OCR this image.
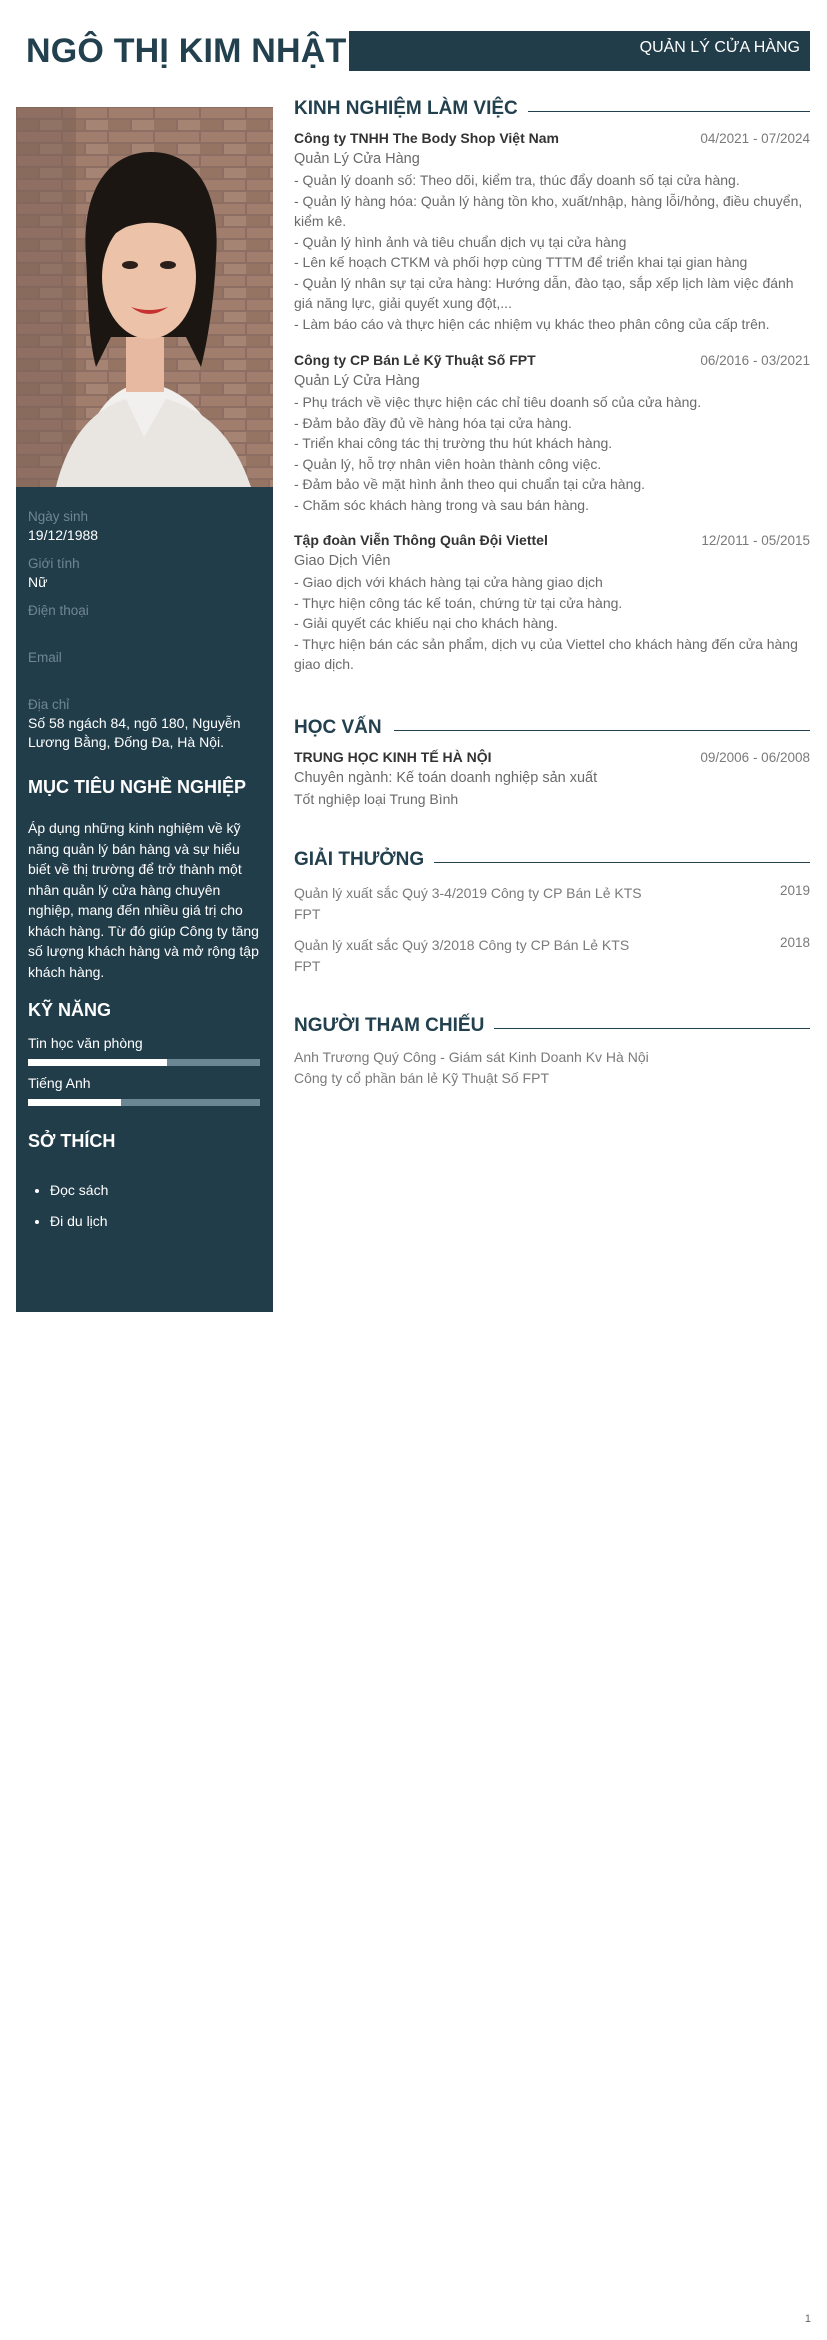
NGÔ THỊ KIM NHẬT	QUẢN LÝ CỬA HÀNG
Ngày sinh
19/12/1988
Giới tính
Nữ
Điện thoại
Email
Địa chỉ
Số 58 ngách 84, ngõ 180, Nguyễn Lương Bằng, Đống Đa, Hà Nội.
MỤC TIÊU NGHỀ NGHIỆP
Áp dụng những kinh nghiệm về kỹ năng quản lý bán hàng và sự hiểu biết về thị trường để trở thành một nhân quản lý cửa hàng chuyên nghiệp, mang đến nhiều giá trị cho khách hàng. Từ đó giúp Công ty tăng số lượng khách hàng và mở rộng tập khách hàng.
KỸ NĂNG
Tin học văn phòng
Tiếng Anh
SỞ THÍCH
• Đọc sách
• Đi du lịch
KINH NGHIỆM LÀM VIỆC
Công ty TNHH The Body Shop Việt Nam	04/2021 - 07/2024
Quản Lý Cửa Hàng
- Quản lý doanh số: Theo dõi, kiểm tra, thúc đẩy doanh số tại cửa hàng.
- Quản lý hàng hóa: Quản lý hàng tồn kho, xuất/nhập, hàng lỗi/hỏng, điều chuyển, kiểm kê.
- Quản lý hình ảnh và tiêu chuẩn dịch vụ tại cửa hàng
- Lên kế hoạch CTKM và phối hợp cùng TTTM để triển khai tại gian hàng
- Quản lý nhân sự tại cửa hàng: Hướng dẫn, đào tạo, sắp xếp lịch làm việc đánh giá năng lực, giải quyết xung đột,...
- Làm báo cáo và thực hiện các nhiệm vụ khác theo phân công của cấp trên.
Công ty CP Bán Lẻ Kỹ Thuật Số FPT	06/2016 - 03/2021
Quản Lý Cửa Hàng
- Phụ trách về việc thực hiện các chỉ tiêu doanh số của cửa hàng.
- Đảm bảo đầy đủ về hàng hóa tại cửa hàng.
- Triển khai công tác thị trường thu hút khách hàng.
- Quản lý, hỗ trợ nhân viên hoàn thành công việc.
- Đảm bảo về mặt hình ảnh theo qui chuẩn tại cửa hàng.
- Chăm sóc khách hàng trong và sau bán hàng.
Tập đoàn Viễn Thông Quân Đội Viettel	12/2011 - 05/2015
Giao Dịch Viên
- Giao dịch với khách hàng tại cửa hàng giao dịch
- Thực hiện công tác kế toán, chứng từ tại cửa hàng.
- Giải quyết các khiếu nại cho khách hàng.
- Thực hiện bán các sản phẩm, dịch vụ của Viettel cho khách hàng đến cửa hàng giao dịch.
HỌC VẤN
TRUNG HỌC KINH TẾ HÀ NỘI	09/2006 - 06/2008
Chuyên ngành: Kế toán doanh nghiệp sản xuất
Tốt nghiệp loại Trung Bình
GIẢI THƯỞNG
Quản lý xuất sắc Quý 3-4/2019 Công ty CP Bán Lẻ KTS FPT
2019
Quản lý xuất sắc Quý 3/2018 Công ty CP Bán Lẻ KTS FPT
2018
NGƯỜI THAM CHIẾU
Anh Trương Quý Công - Giám sát Kinh Doanh Kv Hà Nội
Công ty cổ phần bán lẻ Kỹ Thuật Số FPT
1
